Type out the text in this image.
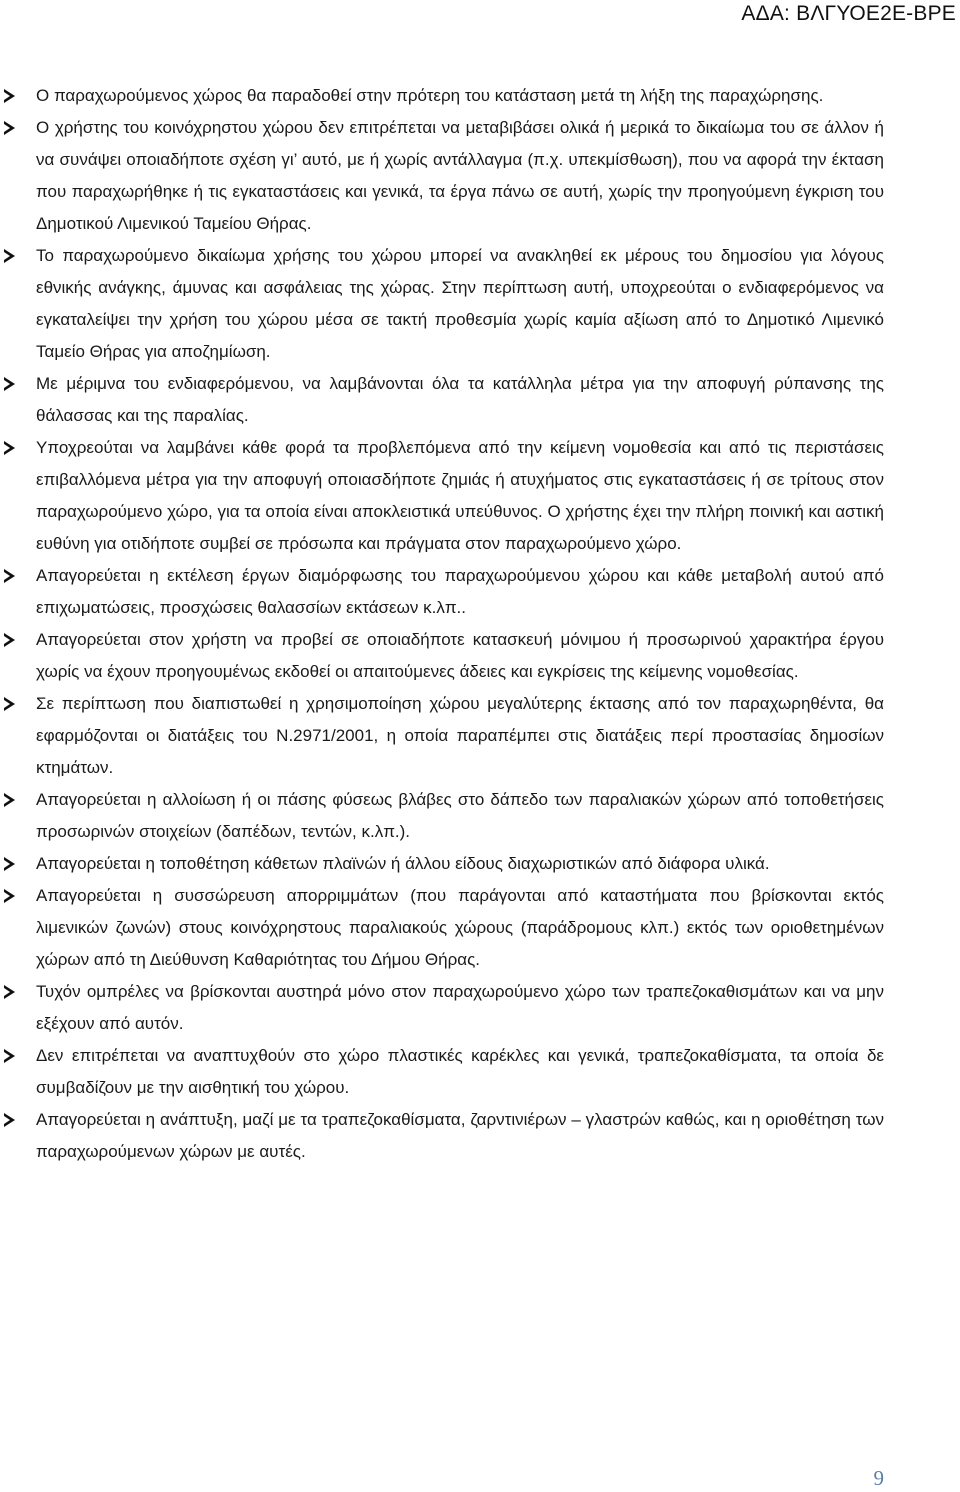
ΑΔΑ: ΒΛΓΥΟΕ2Ε-ΒΡΕ
Ο παραχωρούμενος χώρος θα παραδοθεί στην πρότερη του κατάσταση μετά τη λήξη της παραχώρησης.
Ο χρήστης του κοινόχρηστου χώρου δεν επιτρέπεται να μεταβιβάσει ολικά ή μερικά το δικαίωμα του σε άλλον ή να συνάψει οποιαδήποτε σχέση γι’ αυτό, με ή χωρίς αντάλλαγμα (π.χ. υπεκμίσθωση), που να αφορά την έκταση που παραχωρήθηκε ή τις εγκαταστάσεις και γενικά, τα έργα πάνω σε αυτή, χωρίς την προηγούμενη έγκριση του Δημοτικού Λιμενικού Ταμείου Θήρας.
Το παραχωρούμενο δικαίωμα χρήσης του χώρου μπορεί να ανακληθεί εκ μέρους του δημοσίου για λόγους εθνικής ανάγκης, άμυνας και ασφάλειας της χώρας. Στην περίπτωση αυτή, υποχρεούται ο ενδιαφερόμενος να εγκαταλείψει την χρήση του χώρου μέσα σε τακτή προθεσμία χωρίς καμία αξίωση από το Δημοτικό Λιμενικό Ταμείο Θήρας για αποζημίωση.
Με μέριμνα του ενδιαφερόμενου, να λαμβάνονται όλα τα κατάλληλα μέτρα για την αποφυγή ρύπανσης της θάλασσας και της παραλίας.
Υποχρεούται να λαμβάνει κάθε φορά τα προβλεπόμενα από την κείμενη νομοθεσία και από τις περιστάσεις επιβαλλόμενα μέτρα για την αποφυγή οποιασδήποτε ζημιάς ή ατυχήματος στις εγκαταστάσεις ή σε τρίτους στον παραχωρούμενο χώρο, για τα οποία είναι αποκλειστικά υπεύθυνος. Ο χρήστης έχει την πλήρη ποινική και αστική ευθύνη για οτιδήποτε συμβεί σε πρόσωπα και πράγματα στον παραχωρούμενο χώρο.
Απαγορεύεται η εκτέλεση έργων διαμόρφωσης του παραχωρούμενου χώρου και κάθε μεταβολή αυτού από επιχωματώσεις, προσχώσεις θαλασσίων εκτάσεων κ.λπ..
Απαγορεύεται στον χρήστη να προβεί σε οποιαδήποτε κατασκευή μόνιμου ή προσωρινού χαρακτήρα έργου χωρίς να έχουν προηγουμένως εκδοθεί οι απαιτούμενες άδειες και εγκρίσεις της κείμενης νομοθεσίας.
Σε περίπτωση που διαπιστωθεί η χρησιμοποίηση χώρου μεγαλύτερης έκτασης από τον παραχωρηθέντα, θα εφαρμόζονται οι διατάξεις του Ν.2971/2001, η οποία παραπέμπει στις διατάξεις περί προστασίας δημοσίων κτημάτων.
Απαγορεύεται η αλλοίωση ή οι πάσης φύσεως βλάβες στο δάπεδο των παραλιακών χώρων από τοποθετήσεις προσωρινών στοιχείων (δαπέδων, τεντών, κ.λπ.).
Απαγορεύεται η τοποθέτηση κάθετων πλαϊνών ή άλλου είδους διαχωριστικών από διάφορα υλικά.
Απαγορεύεται η συσσώρευση απορριμμάτων (που παράγονται από καταστήματα που βρίσκονται εκτός λιμενικών ζωνών) στους κοινόχρηστους παραλιακούς χώρους (παράδρομους κλπ.) εκτός των οριοθετημένων χώρων από τη Διεύθυνση Καθαριότητας του Δήμου Θήρας.
Τυχόν ομπρέλες να βρίσκονται αυστηρά μόνο στον παραχωρούμενο χώρο των τραπεζοκαθισμάτων και να μην εξέχουν από αυτόν.
Δεν επιτρέπεται να αναπτυχθούν στο χώρο πλαστικές καρέκλες και γενικά, τραπεζοκαθίσματα, τα οποία δε συμβαδίζουν με την αισθητική του χώρου.
Απαγορεύεται η ανάπτυξη, μαζί με τα τραπεζοκαθίσματα, ζαρντινιέρων – γλαστρών καθώς, και η οριοθέτηση των παραχωρούμενων χώρων με αυτές.
9
